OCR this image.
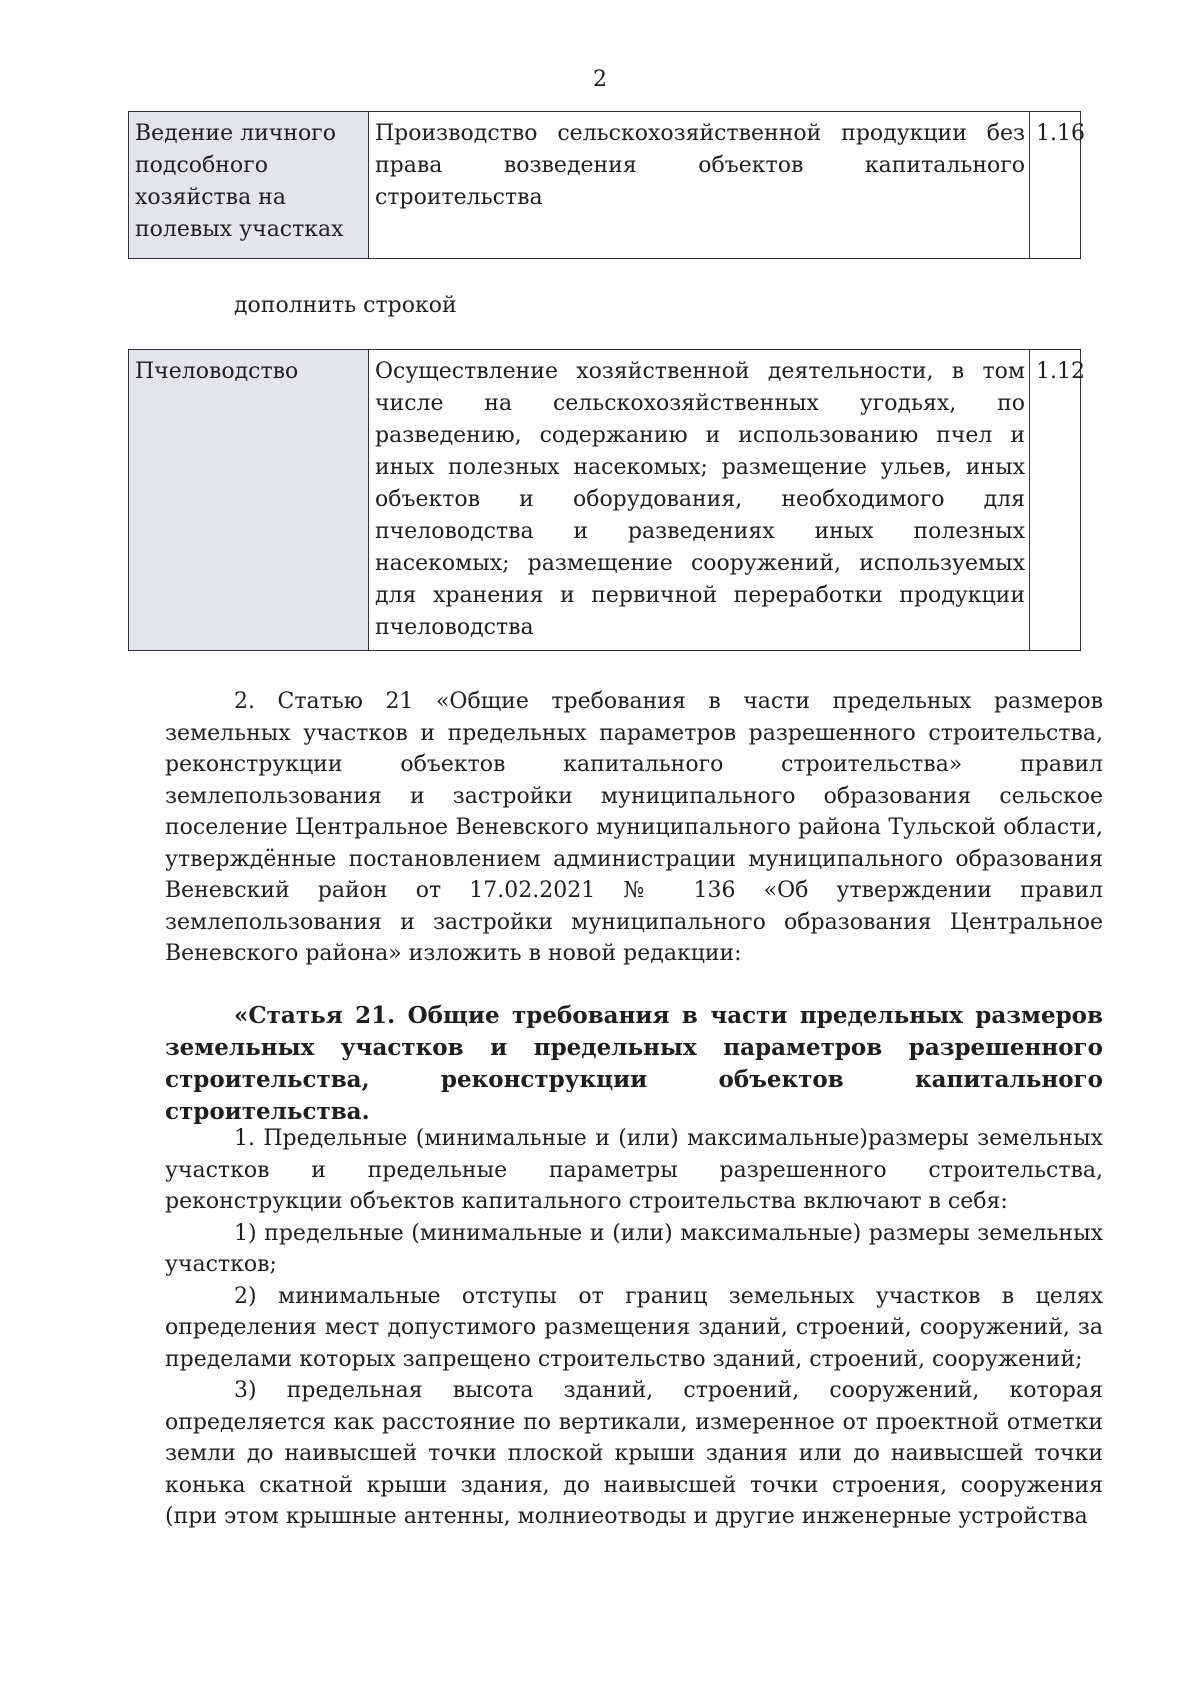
2
Ведение личного подсобного хозяйства на полевых участках	Производство сельскохозяйственной продукции без права возведения объектов капитального строительства	1.16
дополнить строкой
Пчеловодство	Осуществление хозяйственной деятельности, в том числе на сельскохозяйственных угодьях, по разведению, содержанию и использованию пчел и иных полезных насекомых; размещение ульев, иных объектов и оборудования, необходимого для пчеловодства и разведениях иных полезных насекомых; размещение сооружений, используемых для хранения и первичной переработки продукции пчеловодства	1.12

2. Статью 21 «Общие требования в части предельных размеров земельных участков и предельных параметров разрешенного строительства, реконструкции объектов капитального строительства» правил землепользования и застройки муниципального образования сельское поселение Центральное Веневского муниципального района Тульской области, утверждённые постановлением администрации муниципального образования Веневский район от 17.02.2021 № 136 «Об утверждении правил землепользования и застройки муниципального образования Центральное Веневского района» изложить в новой редакции:

«Статья 21. Общие требования в части предельных размеров земельных участков и предельных параметров разрешенного строительства, реконструкции объектов капитального строительства.

1. Предельные (минимальные и (или) максимальные)размеры земельных участков и предельные параметры разрешенного строительства, реконструкции объектов капитального строительства включают в себя:

1) предельные (минимальные и (или) максимальные) размеры земельных участков;

2) минимальные отступы от границ земельных участков в целях определения мест допустимого размещения зданий, строений, сооружений, за пределами которых запрещено строительство зданий, строений, сооружений;

3) предельная высота зданий, строений, сооружений, которая определяется как расстояние по вертикали, измеренное от проектной отметки земли до наивысшей точки плоской крыши здания или до наивысшей точки конька скатной крыши здания, до наивысшей точки строения, сооружения (при этом крышные антенны, молниеотводы и другие инженерные устройства
